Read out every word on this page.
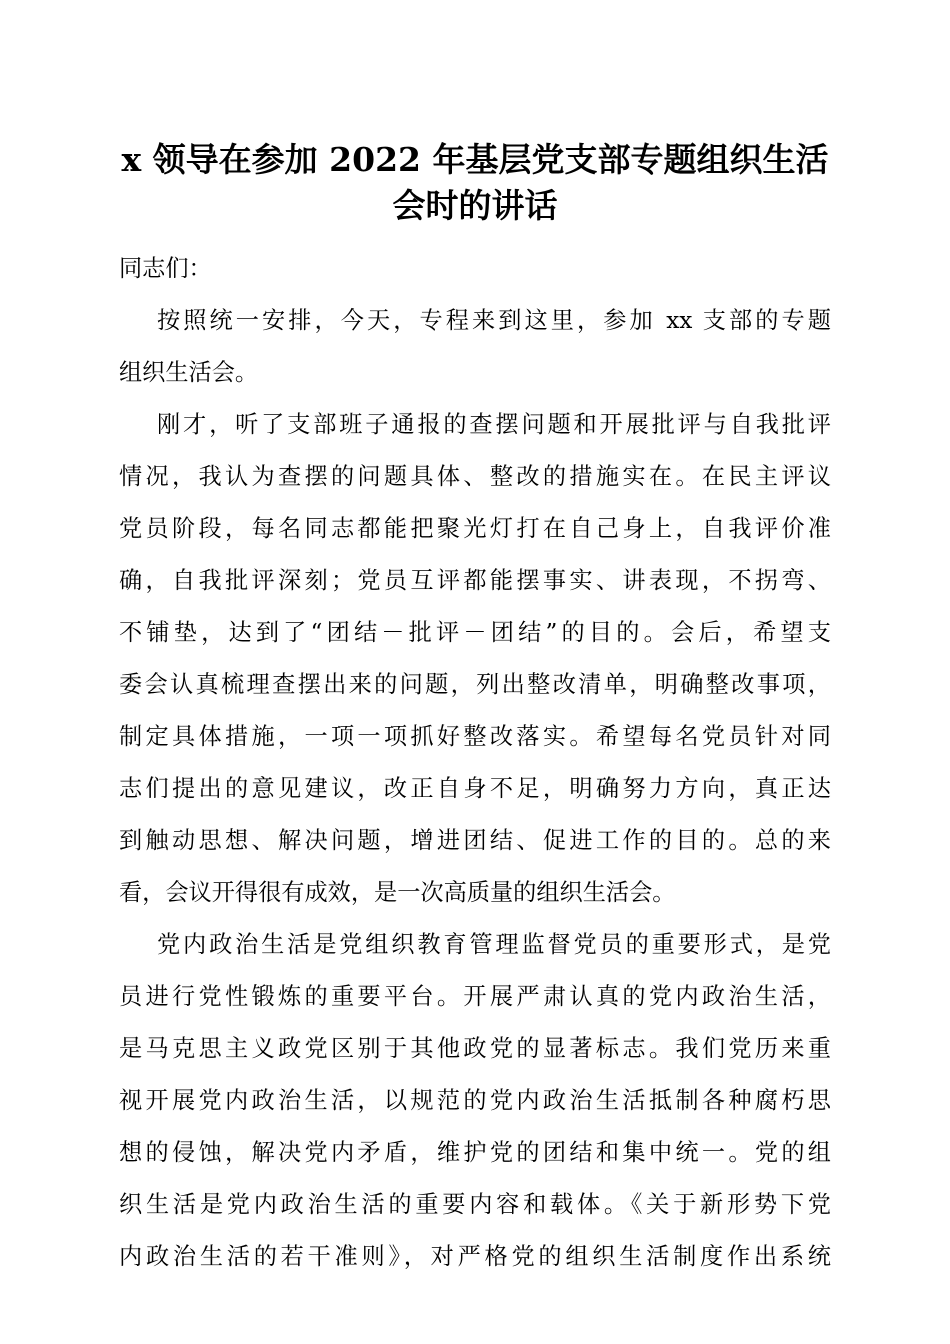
x 领导在参加 2022 年基层党支部专题组织生活
会时的讲话
同志们：
按照统一安排，今天，专程来到这里，参加 xx 支部的专题
组织生活会。
刚才，听了支部班子通报的查摆问题和开展批评与自我批评
情况，我认为查摆的问题具体、整改的措施实在。在民主评议
党员阶段，每名同志都能把聚光灯打在自己身上，自我评价准
确，自我批评深刻；党员互评都能摆事实、讲表现，不拐弯、
不铺垫，达到了“团结－批评－团结”的目的。会后，希望支
委会认真梳理查摆出来的问题，列出整改清单，明确整改事项，
制定具体措施，一项一项抓好整改落实。希望每名党员针对同
志们提出的意见建议，改正自身不足，明确努力方向，真正达
到触动思想、解决问题，增进团结、促进工作的目的。总的来
看，会议开得很有成效，是一次高质量的组织生活会。
党内政治生活是党组织教育管理监督党员的重要形式，是党
员进行党性锻炼的重要平台。开展严肃认真的党内政治生活，
是马克思主义政党区别于其他政党的显著标志。我们党历来重
视开展党内政治生活，以规范的党内政治生活抵制各种腐朽思
想的侵蚀，解决党内矛盾，维护党的团结和集中统一。党的组
织生活是党内政治生活的重要内容和载体。《关于新形势下党
内政治生活的若干准则》，对严格党的组织生活制度作出系统
